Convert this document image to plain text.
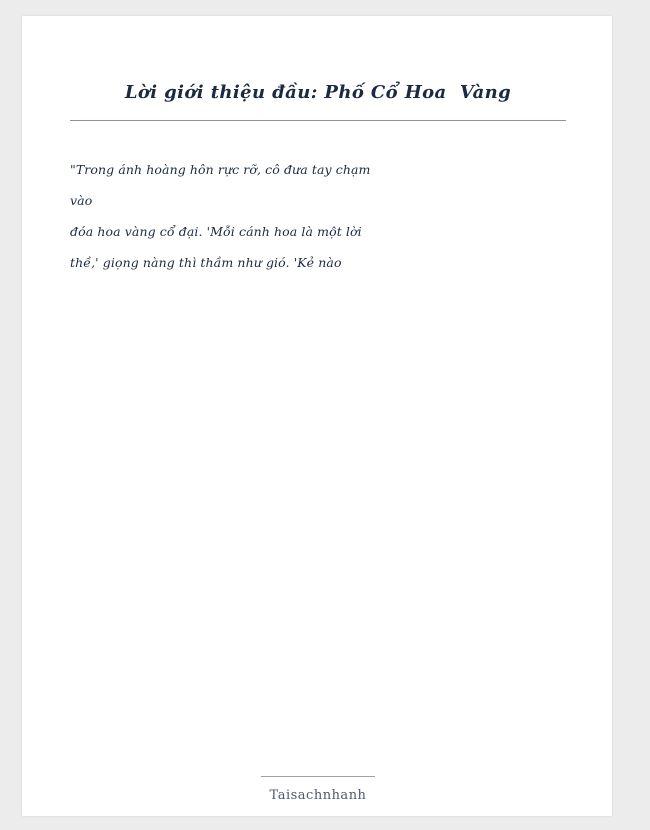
Lời giới thiệu đầu: Phố Cổ Hoa  Vàng
"Trong ánh hoàng hôn rực rỡ, cô đưa tay chạm
vào
đóa hoa vàng cổ đại. 'Mỗi cánh hoa là một lời
thề,' giọng nàng thì thầm như gió. 'Kẻ nào
Taisachnhanh
